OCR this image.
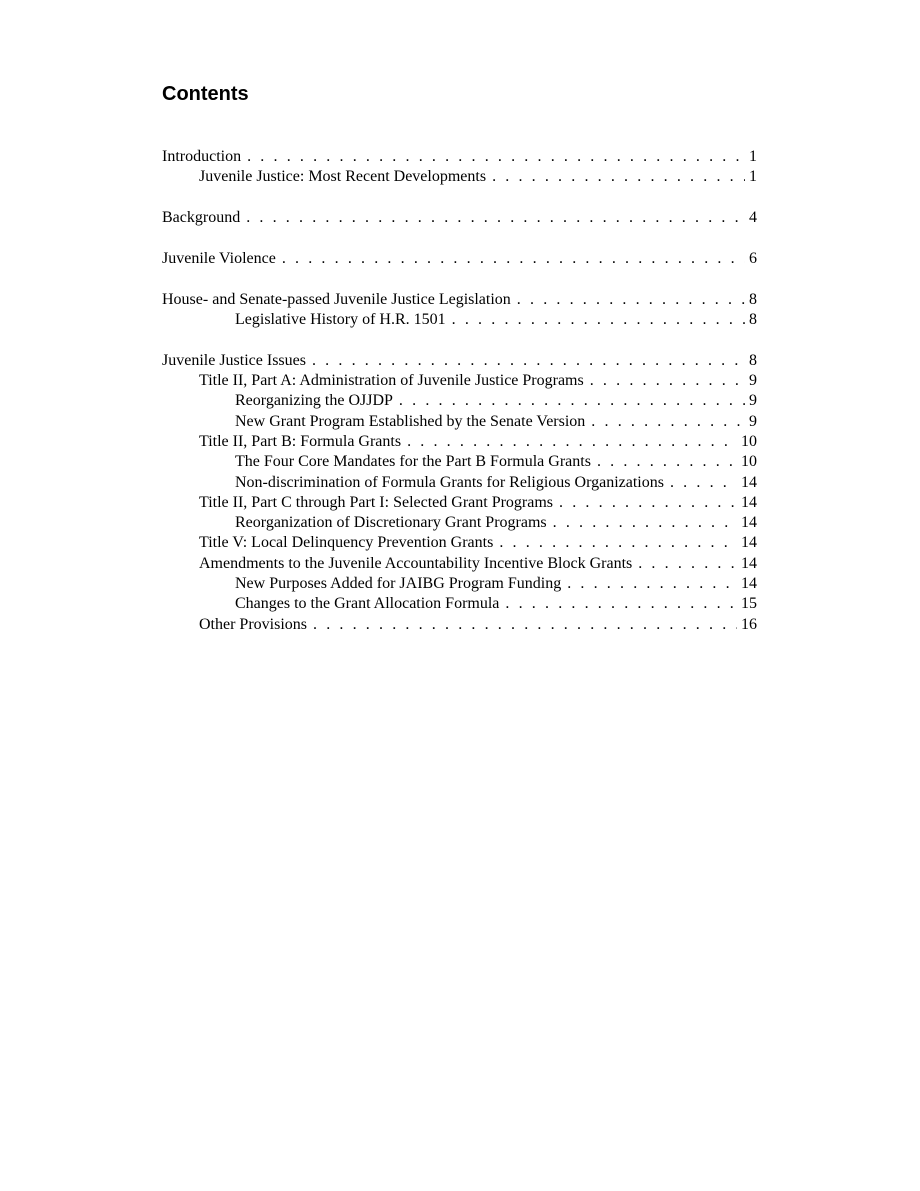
Contents
Introduction . . .	1
Juvenile Justice: Most Recent Developments . . .	1
Background . . .	4
Juvenile Violence . . .	6
House- and Senate-passed Juvenile Justice Legislation . . .	8
Legislative History of H.R. 1501 . . .	8
Juvenile Justice Issues . . .	8
Title II, Part A: Administration of Juvenile Justice Programs . . .	9
Reorganizing the OJJDP . . .	9
New Grant Program Established by the Senate Version . . .	9
Title II, Part B: Formula Grants . . .	10
The Four Core Mandates for the Part B Formula Grants . . .	10
Non-discrimination of Formula Grants for Religious Organizations . . .	14
Title II, Part C through Part I: Selected Grant Programs . . .	14
Reorganization of Discretionary Grant Programs . . .	14
Title V: Local Delinquency Prevention Grants . . .	14
Amendments to the Juvenile Accountability Incentive Block Grants . . .	14
New Purposes Added for JAIBG Program Funding . . .	14
Changes to the Grant Allocation Formula . . .	15
Other Provisions . . .	16
